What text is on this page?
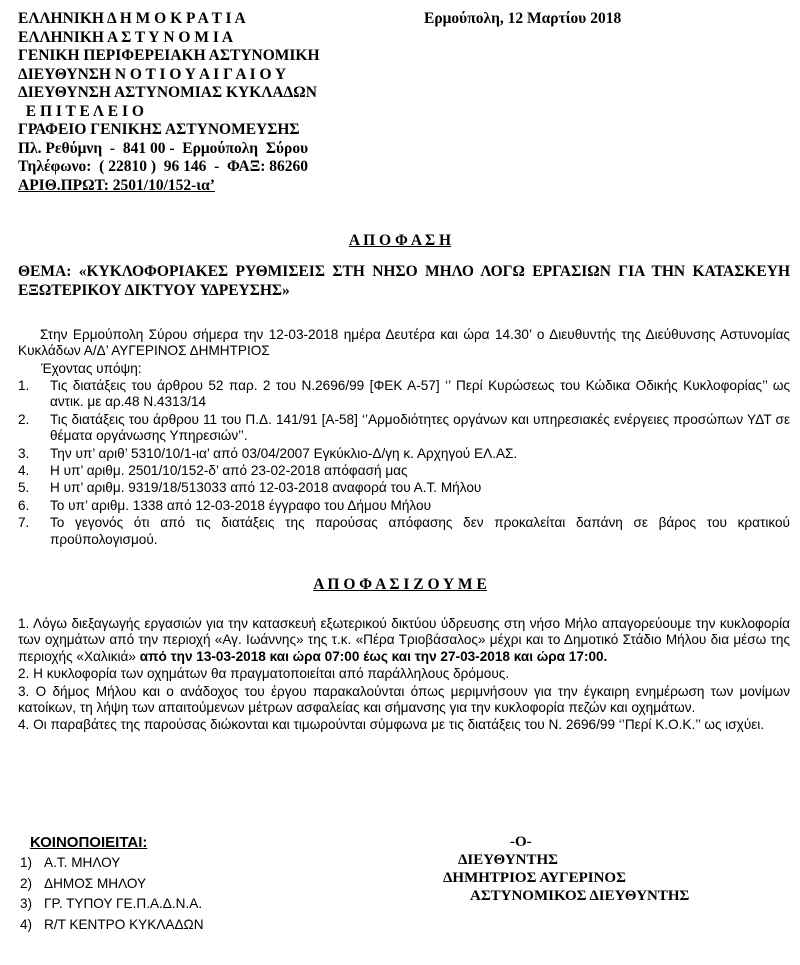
ΕΛΛΗΝΙΚΗ Δ Η Μ Ο Κ Ρ Α Τ Ι Α
ΕΛΛΗΝΙΚΗ Α Σ Τ Υ Ν Ο Μ Ι Α
ΓΕΝΙΚΗ ΠΕΡΙΦΕΡΕΙΑΚΗ ΑΣΤΥΝΟΜΙΚΗ
ΔΙΕΥΘΥΝΣΗ Ν Ο Τ Ι Ο Υ Α Ι Γ Α Ι Ο Υ
ΔΙΕΥΘΥΝΣΗ ΑΣΤΥΝΟΜΙΑΣ ΚΥΚΛΑΔΩΝ
Ε Π Ι Τ Ε Λ Ε Ι Ο
ΓΡΑΦΕΙΟ ΓΕΝΙΚΗΣ ΑΣΤΥΝΟΜΕΥΣΗΣ
Πλ. Ρεθύμνη  -  841 00 -  Ερμούπολη  Σύρου
Τηλέφωνο:  ( 22810 )  96 146  -  ΦΑΞ: 86260
ΑΡΙΘ.ΠΡΩΤ: 2501/10/152-ια’
Ερμούπολη, 12 Μαρτίου 2018
Α Π Ο Φ Α Σ Η
ΘΕΜΑ: «ΚΥΚΛΟΦΟΡΙΑΚΕΣ ΡΥΘΜΙΣΕΙΣ ΣΤΗ ΝΗΣΟ ΜΗΛΟ ΛΟΓΩ ΕΡΓΑΣΙΩΝ ΓΙΑ ΤΗΝ ΚΑΤΑΣΚΕΥΗ ΕΞΩΤΕΡΙΚΟΥ ΔΙΚΤΥΟΥ ΥΔΡΕΥΣΗΣ»
Στην Ερμούπολη Σύρου σήμερα την 12-03-2018 ημέρα Δευτέρα και ώρα 14.30’ ο Διευθυντής της Διεύθυνσης Αστυνομίας Κυκλάδων Α/Δ’ ΑΥΓΕΡΙΝΟΣ ΔΗΜΗΤΡΙΟΣ
Έχοντας υπόψη:
1. Τις διατάξεις του άρθρου 52 παρ. 2 του Ν.2696/99 [ΦΕΚ Α-57] ‘’ Περί Κυρώσεως του Κώδικα Οδικής Κυκλοφορίας’’ ως αντικ. με αρ.48 Ν.4313/14
2. Τις διατάξεις του άρθρου 11 του Π.Δ. 141/91 [Α-58] ‘’Αρμοδιότητες οργάνων και υπηρεσιακές ενέργειες προσώπων ΥΔΤ σε θέματα οργάνωσης Υπηρεσιών’’.
3. Την υπ’ αριθ’ 5310/10/1-ια’ από 03/04/2007 Εγκύκλιο-Δ/γη κ. Αρχηγού ΕΛ.ΑΣ.
4. Η υπ’ αριθμ. 2501/10/152-δ’ από 23-02-2018 απόφασή μας
5. Η υπ’ αριθμ. 9319/18/513033 από 12-03-2018 αναφορά του Α.Τ. Μήλου
6. Το υπ’ αριθμ. 1338 από 12-03-2018 έγγραφο του Δήμου Μήλου
7. Το γεγονός ότι από τις διατάξεις της παρούσας απόφασης δεν προκαλείται δαπάνη σε βάρος του κρατικού προϋπολογισμού.
Α Π Ο Φ Α Σ Ι Ζ Ο Υ Μ Ε

1. Λόγω διεξαγωγής εργασιών για την κατασκευή εξωτερικού δικτύου ύδρευσης στη νήσο Μήλο απαγορεύουμε την κυκλοφορία των οχημάτων από την περιοχή «Αγ. Ιωάννης» της τ.κ. «Πέρα Τριοβάσαλος» μέχρι και το Δημοτικό Στάδιο Μήλου δια μέσω της περιοχής «Χαλικιά» από την 13-03-2018 και ώρα 07:00 έως και την 27-03-2018 και ώρα 17:00.

2. Η κυκλοφορία των οχημάτων θα πραγματοποιείται από παράλληλους δρόμους.

3. Ο δήμος Μήλου και ο ανάδοχος του έργου παρακαλούνται όπως μεριμνήσουν για την έγκαιρη ενημέρωση των μονίμων κατοίκων, τη λήψη των απαιτούμενων μέτρων ασφαλείας και σήμανσης για την κυκλοφορία πεζών και οχημάτων.

4. Οι παραβάτες της παρούσας διώκονται και τιμωρούνται σύμφωνα με τις διατάξεις του Ν. 2696/99 ‘’Περί Κ.Ο.Κ.’’ ως ισχύει.

ΚΟΙΝΟΠΟΙΕΙΤΑΙ:
1) Α.Τ. ΜΗΛΟΥ
2) ΔΗΜΟΣ ΜΗΛΟΥ
3) ΓΡ. ΤΥΠΟΥ ΓΕ.Π.Α.Δ.Ν.Α.
4) R/T ΚΕΝΤΡΟ ΚΥΚΛΑΔΩΝ
-Ο-
ΔΙΕΥΘΥΝΤΗΣ
ΔΗΜΗΤΡΙΟΣ ΑΥΓΕΡΙΝΟΣ
ΑΣΤΥΝΟΜΙΚΟΣ ΔΙΕΥΘΥΝΤΗΣ
